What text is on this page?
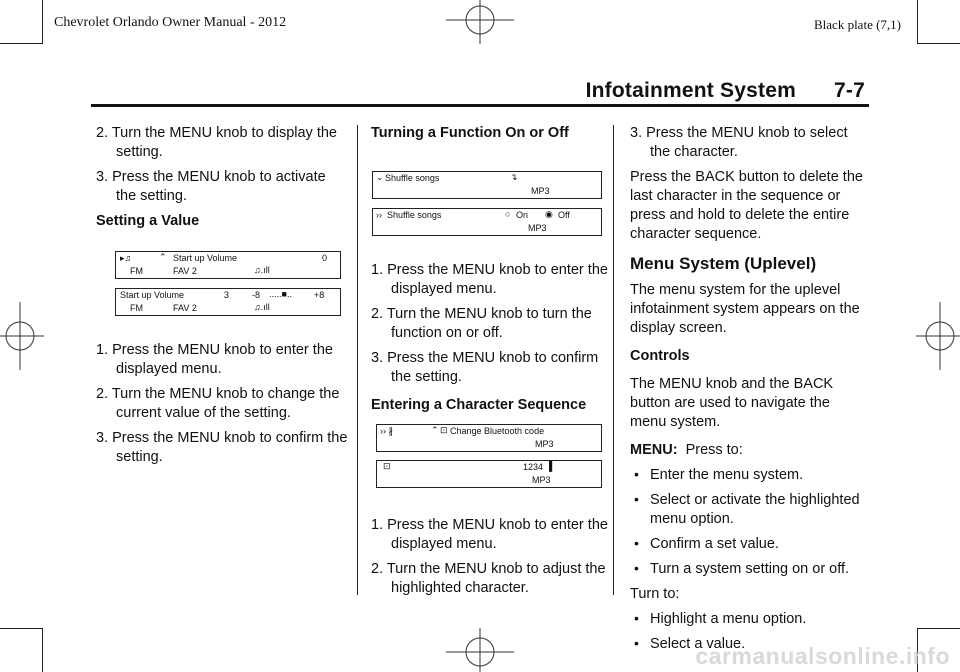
Chevrolet Orlando Owner Manual - 2012	Black plate (7,1)
Infotainment System 7-7

2. Turn the MENU knob to display the setting.

3. Press the MENU knob to activate the setting.

Setting a Value

▸♫	⌃ Start up Volume	0
FM	FAV 2	♫.ıll
Start up Volume	3	-8 .....■.. +8
FM	FAV 2	♫.ıll

1. Press the MENU knob to enter the displayed menu.

2. Turn the MENU knob to change the current value of the setting.

3. Press the MENU knob to confirm the setting.

Turning a Function On or Off

⌄ Shuffle songs	↴
MP3
›› Shuffle songs	○ On ◉ Off
MP3

1. Press the MENU knob to enter the displayed menu.

2. Turn the MENU knob to turn the function on or off.

3. Press the MENU knob to confirm the setting.

Entering a Character Sequence

›› ∦	⌃ ⊡ Change Bluetooth code
MP3
⊡	1234 ▌
MP3

1. Press the MENU knob to enter the displayed menu.

2. Turn the MENU knob to adjust the highlighted character.

3. Press the MENU knob to select the character.

Press the BACK button to delete the last character in the sequence or press and hold to delete the entire character sequence.

Menu System (Uplevel)

The menu system for the uplevel infotainment system appears on the display screen.

Controls

The MENU knob and the BACK button are used to navigate the menu system.

MENU: Press to:

• Enter the menu system.

• Select or activate the highlighted menu option.

• Confirm a set value.

• Turn a system setting on or off.

Turn to:

• Highlight a menu option.

• Select a value.

carmanualsonline.info
